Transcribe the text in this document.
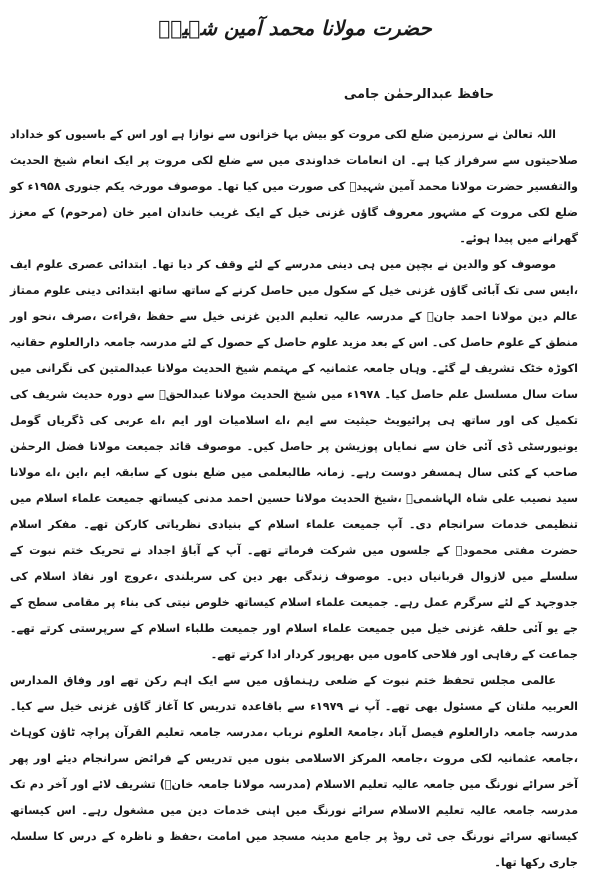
حضرت مولانا محمد آمین شہیدؒ
حافظ عبدالرحمٰن جامی

اللہ تعالیٰ نے سرزمین ضلع لکی مروت کو بیش بہا خزانوں سے نوازا ہے اور اس کے باسیوں کو خداداد صلاحیتوں سے سرفراز کیا ہے۔ ان انعامات خداوندی میں سے ضلع لکی مروت پر ایک انعام شیخ الحدیث والتفسیر حضرت مولانا محمد آمین شہیدؒ کی صورت میں کیا تھا۔ موصوف مورخہ یکم جنوری ۱۹۵۸ء کو ضلع لکی مروت کے مشہور معروف گاؤں غزنی خیل کے ایک غریب خاندان امیر خان (مرحوم) کے معزز گھرانے میں پیدا ہوئے۔

موصوف کو والدین نے بچپن میں ہی دینی مدرسے کے لئے وقف کر دیا تھا۔ ابتدائی عصری علوم ایف ،ایس سی تک آبائی گاؤں غزنی خیل کے سکول میں حاصل کرنے کے ساتھ ساتھ ابتدائی دینی علوم ممتاز عالم دین مولانا احمد جانؒ کے مدرسہ عالیہ تعلیم الدین غزنی خیل سے حفظ ،قراءت ،صرف ،نحو اور منطق کے علوم حاصل کی۔ اس کے بعد مزید علوم حاصل کے حصول کے لئے مدرسہ جامعہ دارالعلوم حقانیہ اکوڑہ خٹک تشریف لے گئے۔ وہاں جامعہ عثمانیہ کے مہتمم شیخ الحدیث مولانا عبدالمتین کی نگرانی میں سات سال مسلسل علم حاصل کیا۔ ۱۹۷۸ء میں شیخ الحدیث مولانا عبدالحقؒ سے دورہ حدیث شریف کی تکمیل کی اور ساتھ ہی پرائیویٹ حیثیت سے ایم ،اے اسلامیات اور ایم ،اے عربی کی ڈگریاں گومل یونیورسٹی ڈی آئی خان سے نمایاں پوزیشن پر حاصل کیں۔ موصوف قائد جمیعت مولانا فضل الرحمٰن صاحب کے کئی سال ہمسفر دوست رہے۔ زمانہ طالبعلمی میں ضلع بنوں کے سابقہ ایم ،این ،اے مولانا سید نصیب علی شاہ الہاشمیؒ ،شیخ الحدیث مولانا حسین احمد مدنی کیساتھ جمیعت علماء اسلام میں تنظیمی خدمات سرانجام دی۔ آپ جمیعت علماء اسلام کے بنیادی نظریاتی کارکن تھے۔ مفکر اسلام حضرت مفتی محمودؒ کے جلسوں میں شرکت فرماتے تھے۔ آپ کے آباؤ اجداد نے تحریک ختم نبوت کے سلسلے میں لازوال قربانیاں دیں۔ موصوف زندگی بھر دین کی سربلندی ،عروج اور نفاذ اسلام کی جدوجہد کے لئے سرگرم عمل رہے۔ جمیعت علماء اسلام کیساتھ خلوص نیتی کی بناء پر مقامی سطح کے جے یو آئی حلقہ غزنی خیل میں جمیعت علماء اسلام اور جمیعت طلباء اسلام کے سرپرستی کرتے تھے۔ جماعت کے رفاہی اور فلاحی کاموں میں بھرپور کردار ادا کرتے تھے۔

عالمی مجلس تحفظ ختم نبوت کے ضلعی رہنماؤں میں سے ایک اہم رکن تھے اور وفاق المدارس العربیہ ملتان کے مسئول بھی تھے۔ آپ نے ۱۹۷۹ء سے باقاعدہ تدریس کا آغاز گاؤں غزنی خیل سے کیا۔ مدرسہ جامعہ دارالعلوم فیصل آباد ،جامعۃ العلوم نرباب ،مدرسہ جامعہ تعلیم القرآن پراچہ ٹاؤن کوہاٹ ،جامعہ عثمانیہ لکی مروت ،جامعہ المرکز الاسلامی بنوں میں تدریس کے فرائض سرانجام دیئے اور پھر آخر سرائے نورنگ میں جامعہ عالیہ تعلیم الاسلام (مدرسہ مولانا جامعہ خانؒ) تشریف لائے اور آخر دم تک مدرسہ جامعہ عالیہ تعلیم الاسلام سرائے نورنگ میں اپنی خدمات دین میں مشغول رہے۔ اس کیساتھ کیساتھ سرائے نورنگ جی ٹی روڈ پر جامع مدینہ مسجد میں امامت ،حفظ و ناظرہ کے درس کا سلسلہ جاری رکھا تھا۔
